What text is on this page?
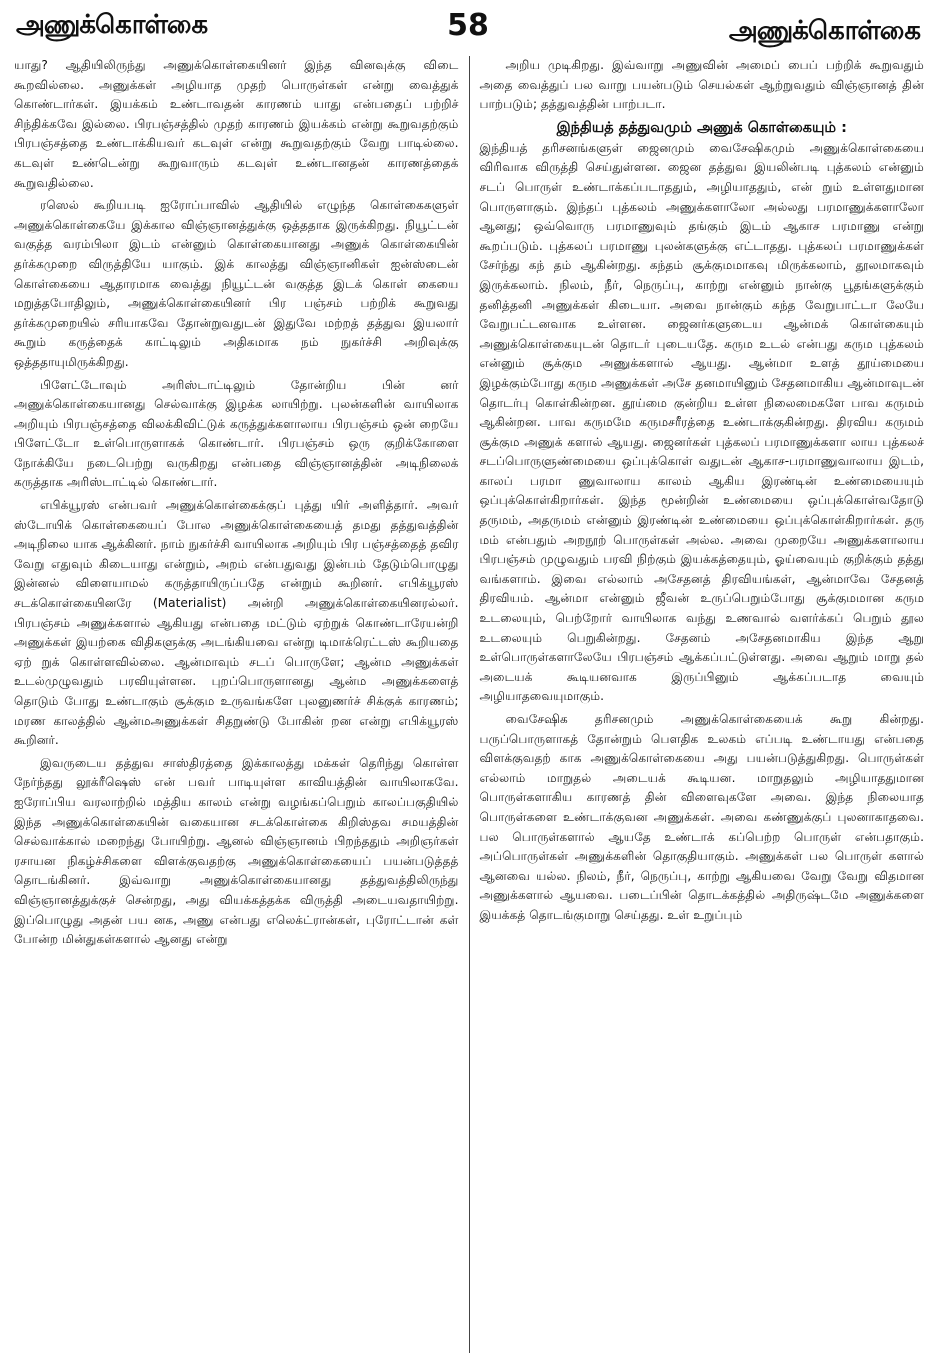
அணுக்கொள்கை	58	அணுக்கொள்கை

யாது? ஆதியிலிருந்து அணுக்கொள்கையினர் இந்த வினவுக்கு விடை கூறவில்லை. அணுக்கள் அழியாத முதற் பொருள்கள் என்று வைத்துக் கொண்டார்கள். இயக்கம் உண்டாவதன் காரணம் யாது என்பதைப் பற்றிச் சிந்திக்கவே இல்லை. பிரபஞ்சத்தில் முதற் காரணம் இயக்கம் என்று கூறுவதற்கும் பிரபஞ்சத்தை உண்டாக்கியவர் கடவுள் என்று கூறுவதற்கும் வேறு பாடில்லை. கடவுள் உண்டென்று கூறுவாரும் கடவுள் உண்டானதன் காரணத்தைக் கூறுவதில்லை.

ரஸெல் கூறியபடி ஐரோப்பாவில் ஆதியில் எழுந்த கொள்கைகளுள் அணுக்கொள்கையே இக்கால விஞ்ஞானத்துக்கு ஒத்ததாக இருக்கிறது. நியூட்டன் வகுத்த வரம்பிலா இடம் என்னும் கொள்கையானது அணுக் கொள்கையின் தர்க்கமுறை விருத்தியே யாகும். இக் காலத்து விஞ்ஞானிகள் ஐன்ஸ்டைன் கொள்கையை ஆதாரமாக வைத்து நியூட்டன் வகுத்த இடக் கொள் கையை மறுத்தபோதிலும், அணுக்கொள்கையினர் பிர பஞ்சம் பற்றிக் கூறுவது தர்க்கமுறையில் சரியாகவே தோன்றுவதுடன் இதுவே மற்றத் தத்துவ இயலார் கூறும் கருத்தைக் காட்டிலும் அதிகமாக நம் நுகர்ச்சி அறிவுக்கு ஒத்ததாயுமிருக்கிறது.

பிளேட்டோவும் அரிஸ்டாட்டிலும் தோன்றிய பின் னர் அணுக்கொள்கையானது செல்வாக்கு இழக்க லாயிற்று. புலன்களின் வாயிலாக அறியும் பிரபஞ்சத்தை விலக்கிவிட்டுக் கருத்துக்களாலாய பிரபஞ்சம் ஒன் றையே பிளேட்டோ உள்பொருளாகக் கொண்டார். பிரபஞ்சம் ஒரு குறிக்கோளை நோக்கியே நடைபெற்று வருகிறது என்பதை விஞ்ஞானத்தின் அடிநிலைக் கருத்தாக அரிஸ்டாட்டில் கொண்டார்.

எபிக்யூரஸ் என்பவர் அணுக்கொள்கைக்குப் புத்து யிர் அளித்தார். அவர் ஸ்டோயிக் கொள்கையைப் போல அணுக்கொள்கையைத் தமது தத்துவத்தின் அடிநிலை யாக ஆக்கினர். நாம் நுகர்ச்சி வாயிலாக அறியும் பிர பஞ்சத்தைத் தவிர வேறு எதுவும் கிடையாது என்றும், அறம் என்பதுவது இன்பம் தேடும்பொழுது இன்னல் விளையாமல் கருத்தாயிருப்பதே என்றும் கூறினர். எபிக்யூரஸ் சடக்கொள்கையினரே (Materialist) அன்றி அணுக்கொள்கையினரல்லர். பிரபஞ்சம் அணுக்களால் ஆகியது என்பதை மட்டும் ஏற்றுக் கொண்டாரேயன்றி அணுக்கள் இயற்கை விதிகளுக்கு அடங்கியவை என்று டிமாக்ரெட்டஸ் கூறியதை ஏற் றுக் கொள்ளவில்லை. ஆன்மாவும் சடப் பொருளே; ஆன்ம அணுக்கள் உடல்முழுவதும் பரவியுள்ளன. புறப்பொருளானது ஆன்ம அணுக்களைத் தொடும் போது உண்டாகும் சூக்கும உருவங்களே புலனுணர்ச் சிக்குக் காரணம்; மரண காலத்தில் ஆன்மஅணுக்கள் சிதறுண்டு போகின் றன என்று எபிக்யூரஸ் கூறினர்.

இவருடைய தத்துவ சாஸ்திரத்தை இக்காலத்து மக்கள் தெரிந்து கொள்ள நேர்ந்தது லூக்ரீஷெஸ் என் பவர் பாடியுள்ள காவியத்தின் வாயிலாகவே. ஐரோப்பிய வரலாற்றில் மத்திய காலம் என்று வழங்கப்பெறும் காலப்பகுதியில் இந்த அணுக்கொள்கையின் வகையான சடக்கொள்கை கிறிஸ்தவ சமயத்தின் செல்வாக்கால் மறைந்து போயிற்று. ஆனல் விஞ்ஞானம் பிறந்ததும் அறிஞர்கள் ரசாயன நிகழ்ச்சிகளை விளக்குவதற்கு அணுக்கொள்கையைப் பயன்படுத்தத் தொடங்கினர். இவ்வாறு அணுக்கொள்கையானது தத்துவத்திலிருந்து விஞ்ஞானத்துக்குச் சென்றது, அது வியக்கத்தக்க விருத்தி அடையவதாயிற்று. இப்பொழுது அதன் பய னக, அணு என்பது எலெக்ட்ரான்கள், புரோட்டான் கள் போன்ற மின்துகள்களால் ஆனது என்று

அறிய முடிகிறது. இவ்வாறு அணுவின் அமைப் பைப் பற்றிக் கூறுவதும் அதை வைத்துப் பல வாறு பயன்படும் செயல்கள் ஆற்றுவதும் விஞ்ஞானத் தின் பாற்படும்; தத்துவத்தின் பாற்படா.

இந்தியத் தத்துவமும் அணுக் கொள்கையும் :

இந்தியத் தரிசனங்களுள் ஜைனமும் வைசேஷிகமும் அணுக்கொள்கையை விரிவாக விருத்தி செய்துள்ளன. ஜைன தத்துவ இயலின்படி புத்கலம் என்னும் சடப் பொருள் உண்டாக்கப்படாததும், அழியாததும், என் றும் உள்ளதுமான பொருளாகும். இந்தப் புத்கலம் அணுக்களாலோ அல்லது பரமாணுக்களாலோ ஆனது; ஒவ்வொரு பரமாணுவும் தங்கும் இடம் ஆகாச பரமாணு என்று கூறப்படும். புத்கலப் பரமாணு புலன்களுக்கு எட்டாதது. புத்கலப் பரமாணுக்கள் சேர்ந்து கந் தம் ஆகின்றது. கந்தம் சூக்குமமாகவு மிருக்கலாம், தூலமாகவும் இருக்கலாம். நிலம், நீர், நெருப்பு, காற்று என்னும் நான்கு பூதங்களுக்கும் தனித்தனி அணுக்கள் கிடையா. அவை நான்கும் கந்த வேறுபாட்டா லேயே வேறுபட்டனவாக உள்ளன. ஜைனர்களுடைய ஆன்மக் கொள்கையும் அணுக்கொள்கையுடன் தொடர் புடையதே. கரும உடல் என்பது கரும புத்கலம் என்னும் சூக்கும அணுக்களால் ஆயது. ஆன்மா உளத் தூய்மையை இழக்கும்போது கரும அணுக்கள் அசே தனமாயினும் சேதனமாகிய ஆன்மாவுடன் தொடர்பு கொள்கின்றன. தூய்மை குன்றிய உள்ள நிலைமைகளே பாவ கருமம் ஆகின்றன. பாவ கருமமே கருமசரீரத்தை உண்டாக்குகின்றது. திரவிய கருமம் சூக்கும அணுக் களால் ஆயது. ஜைனர்கள் புத்கலப் பரமாணுக்களா லாய புத்கலச் சடப்பொருளுண்மையை ஒப்புக்கொள் வதுடன் ஆகாச-பரமாணுவாலாய இடம், காலப் பரமா ணுவாலாய காலம் ஆகிய இரண்டின் உண்மையையும் ஒப்புக்கொள்கிறார்கள். இந்த மூன்றின் உண்மையை ஒப்புக்கொள்வதோடு தருமம், அதருமம் என்னும் இரண்டின் உண்மையை ஒப்புக்கொள்கிறார்கள். தரு மம் என்பதும் அறநூற் பொருள்கள் அல்ல. அவை முறையே அணுக்களாலாய பிரபஞ்சம் முழுவதும் பரவி நிற்கும் இயக்கத்தையும், ஓய்வையும் குறிக்கும் தத்து வங்களாம். இவை எல்லாம் அசேதனத் திரவியங்கள், ஆன்மாவே சேதனத் திரவியம். ஆன்மா என்னும் ஜீவன் உருப்பெறும்போது சூக்குமமான கரும உடலையும், பெற்றோர் வாயிலாக வந்து உணவால் வளர்க்கப் பெறும் தூல உடலையும் பெறுகின்றது. சேதனம் அசேதனமாகிய இந்த ஆறு உள்பொருள்களாலேயே பிரபஞ்சம் ஆக்கப்பட்டுள்ளது. அவை ஆறும் மாறு தல் அடையக் கூடியனவாக இருப்பினும் ஆக்கப்படாத வையும் அழியாதவையுமாகும்.

வைசேஷிக தரிசனமும் அணுக்கொள்கையைக் கூறு கின்றது. பருப்பொருளாகத் தோன்றும் பௌதிக உலகம் எப்படி உண்டாயது என்பதை விளக்குவதற் காக அணுக்கொள்கையை அது பயன்படுத்துகிறது. பொருள்கள் எல்லாம் மாறுதல் அடையக் கூடியன. மாறுதலும் அழியாததுமான பொருள்களாகிய காரணத் தின் விளைவுகளே அவை. இந்த நிலையாத பொருள்களை உண்டாக்குவன அணுக்கள். அவை கண்ணுக்குப் புலனாகாதவை. பல பொருள்களால் ஆயதே உண்டாக் கப்பெற்ற பொருள் என்பதாகும். அப்பொருள்கள் அணுக்களின் தொகுதியாகும். அணுக்கள் பல பொருள் களால் ஆனவை யல்ல. நிலம், நீர், நெருப்பு, காற்று ஆகியவை வேறு வேறு விதமான அணுக்களால் ஆயவை. படைப்பின் தொடக்கத்தில் அதிருஷ்டமே அணுக்களை இயக்கத் தொடங்குமாறு செய்தது. உள் உறுப்பும்
